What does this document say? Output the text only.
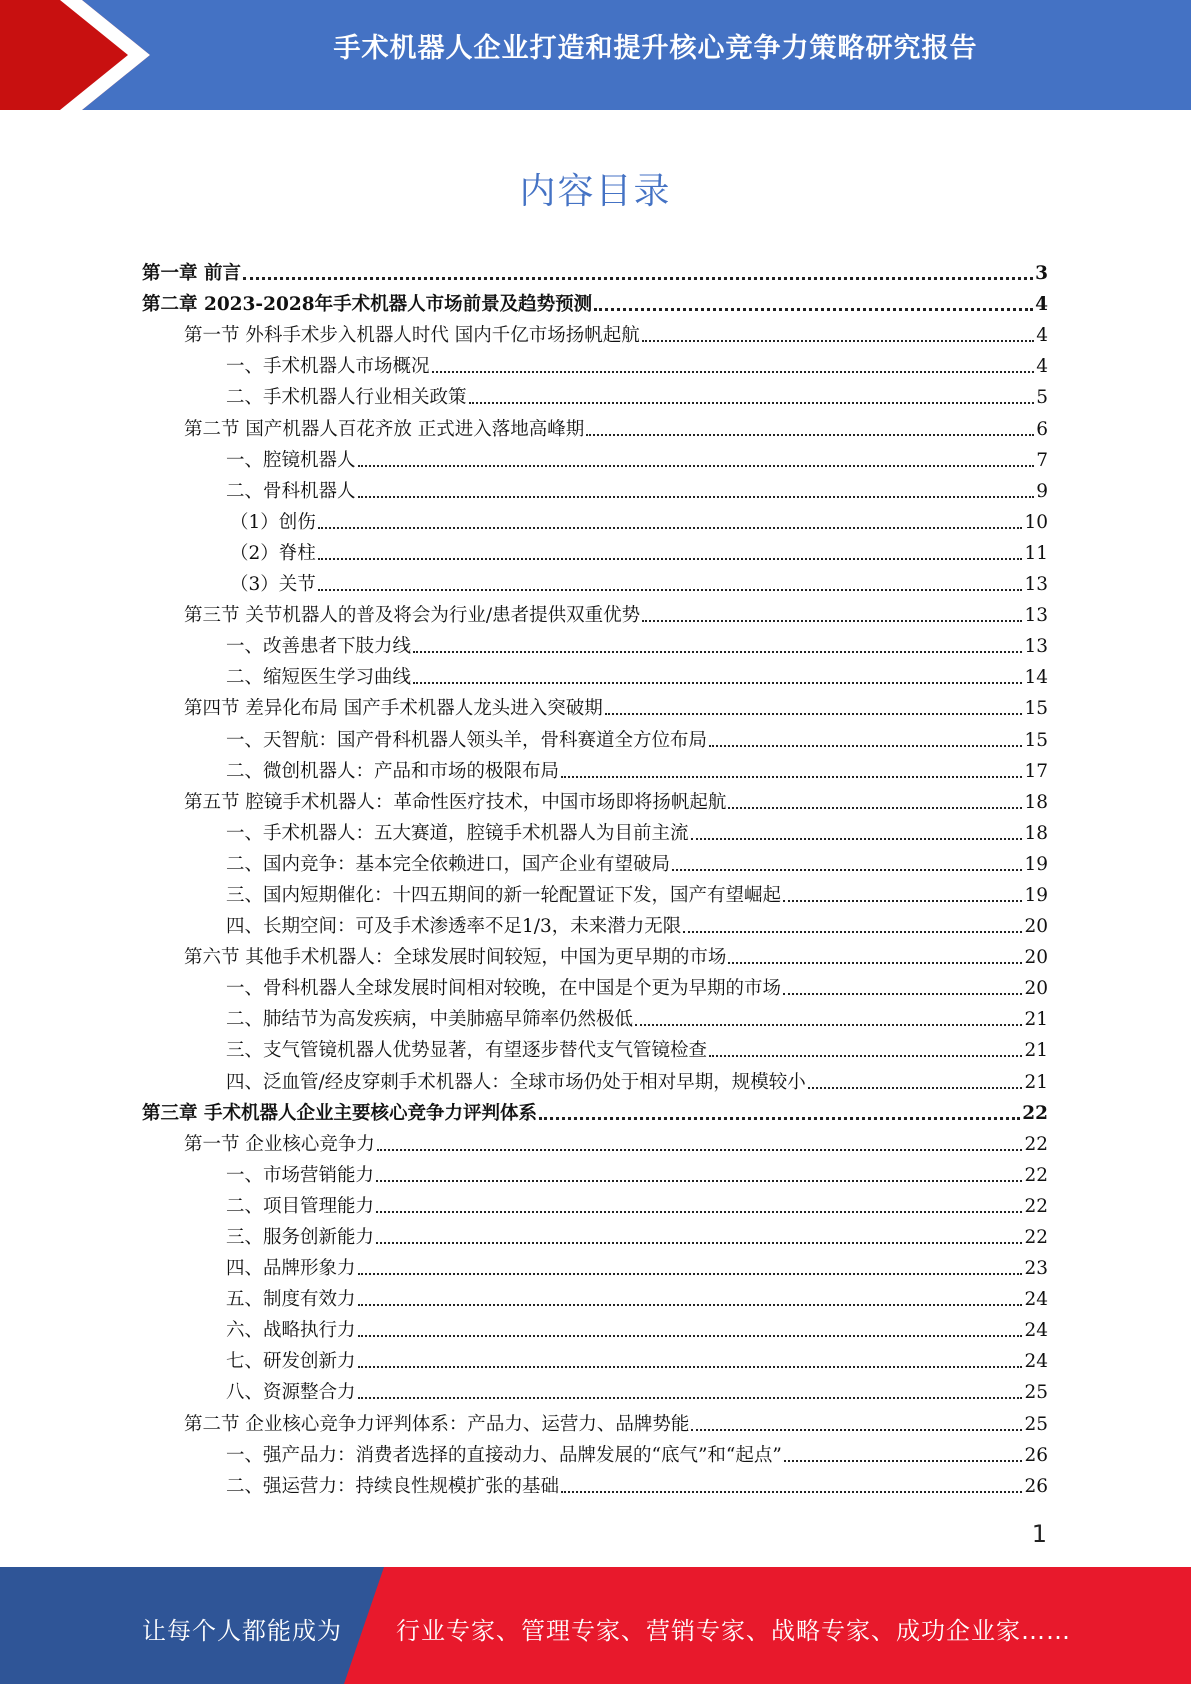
手术机器人企业打造和提升核心竞争力策略研究报告
内容目录
第一章 前言	3
第二章 2023-2028年手术机器人市场前景及趋势预测	4
第一节 外科手术步入机器人时代 国内千亿市场扬帆起航	4
一、手术机器人市场概况	4
二、手术机器人行业相关政策	5
第二节 国产机器人百花齐放 正式进入落地高峰期	6
一、腔镜机器人	7
二、骨科机器人	9
（1）创伤	10
（2）脊柱	11
（3）关节	13
第三节 关节机器人的普及将会为行业/患者提供双重优势	13
一、改善患者下肢力线	13
二、缩短医生学习曲线	14
第四节 差异化布局 国产手术机器人龙头进入突破期	15
一、天智航：国产骨科机器人领头羊，骨科赛道全方位布局	15
二、微创机器人：产品和市场的极限布局	17
第五节 腔镜手术机器人：革命性医疗技术，中国市场即将扬帆起航	18
一、手术机器人：五大赛道，腔镜手术机器人为目前主流	18
二、国内竞争：基本完全依赖进口，国产企业有望破局	19
三、国内短期催化：十四五期间的新一轮配置证下发，国产有望崛起	19
四、长期空间：可及手术渗透率不足1/3，未来潜力无限	20
第六节 其他手术机器人：全球发展时间较短，中国为更早期的市场	20
一、骨科机器人全球发展时间相对较晚，在中国是个更为早期的市场	20
二、肺结节为高发疾病，中美肺癌早筛率仍然极低	21
三、支气管镜机器人优势显著，有望逐步替代支气管镜检查	21
四、泛血管/经皮穿刺手术机器人：全球市场仍处于相对早期，规模较小	21
第三章 手术机器人企业主要核心竞争力评判体系	22
第一节 企业核心竞争力	22
一、市场营销能力	22
二、项目管理能力	22
三、服务创新能力	22
四、品牌形象力	23
五、制度有效力	24
六、战略执行力	24
七、研发创新力	24
八、资源整合力	25
第二节 企业核心竞争力评判体系：产品力、运营力、品牌势能	25
一、强产品力：消费者选择的直接动力、品牌发展的“底气”和“起点”	26
二、强运营力：持续良性规模扩张的基础	26
1
让每个人都能成为 行业专家、管理专家、营销专家、战略专家、成功企业家……
